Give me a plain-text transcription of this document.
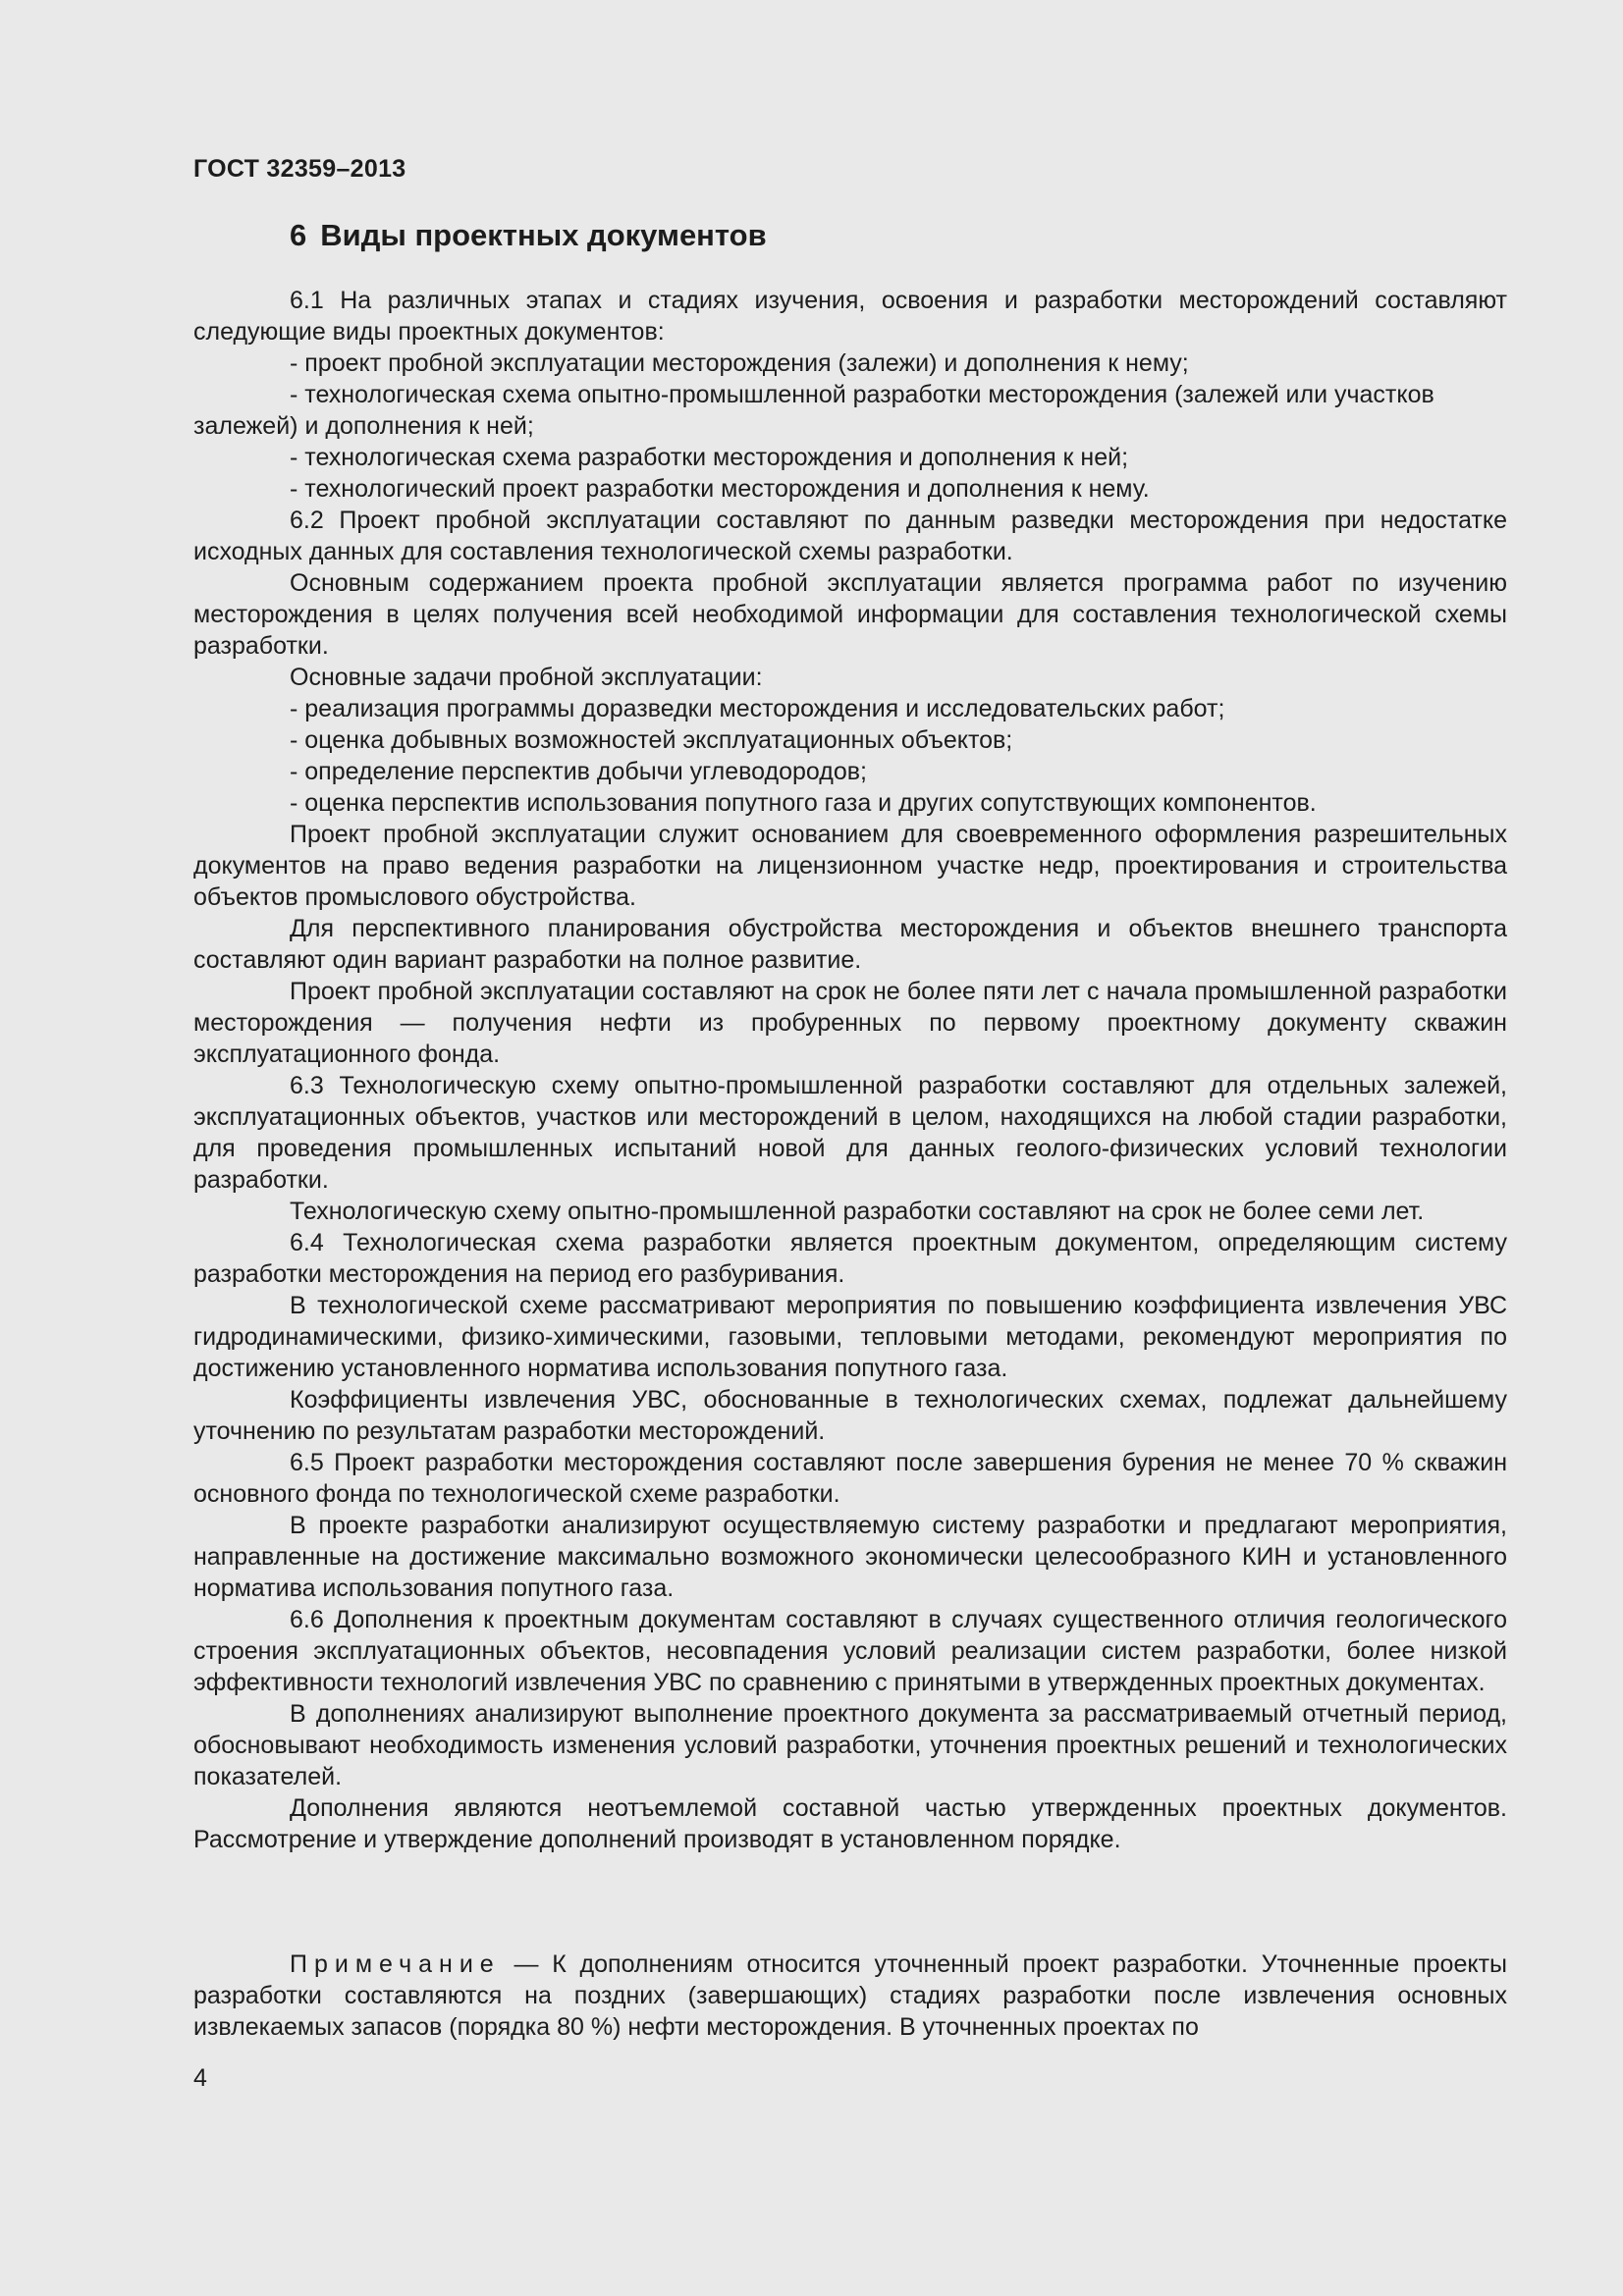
ГОСТ 32359–2013
6 Виды проектных документов

6.1 На различных этапах и стадиях изучения, освоения и разработки месторождений составляют следующие виды проектных документов:

- проект пробной эксплуатации месторождения (залежи) и дополнения к нему;

- технологическая схема опытно-промышленной разработки месторождения (залежей или участков залежей) и дополнения к ней;

- технологическая схема разработки месторождения и дополнения к ней;

- технологический проект разработки месторождения и дополнения к нему.

6.2 Проект пробной эксплуатации составляют по данным разведки месторождения при недостатке исходных данных для составления технологической схемы разработки.

Основным содержанием проекта пробной эксплуатации является программа работ по изучению месторождения в целях получения всей необходимой информации для составления технологической схемы разработки.

Основные задачи пробной эксплуатации:

- реализация программы доразведки месторождения и исследовательских работ;

- оценка добывных возможностей эксплуатационных объектов;

- определение перспектив добычи углеводородов;

- оценка перспектив использования попутного газа и других сопутствующих компонентов.

Проект пробной эксплуатации служит основанием для своевременного оформления разрешительных документов на право ведения разработки на лицензионном участке недр, проектирования и строительства объектов промыслового обустройства.

Для перспективного планирования обустройства месторождения и объектов внешнего транспорта составляют один вариант разработки на полное развитие.

Проект пробной эксплуатации составляют на срок не более пяти лет с начала промышленной разработки месторождения — получения нефти из пробуренных по первому проектному документу скважин эксплуатационного фонда.

6.3 Технологическую схему опытно-промышленной разработки составляют для отдельных залежей, эксплуатационных объектов, участков или месторождений в целом, находящихся на любой стадии разработки, для проведения промышленных испытаний новой для данных геолого-физических условий технологии разработки.

Технологическую схему опытно-промышленной разработки составляют на срок не более семи лет.

6.4 Технологическая схема разработки является проектным документом, определяющим систему разработки месторождения на период его разбуривания.

В технологической схеме рассматривают мероприятия по повышению коэффициента извлечения УВС гидродинамическими, физико-химическими, газовыми, тепловыми методами, рекомендуют мероприятия по достижению установленного норматива использования попутного газа.

Коэффициенты извлечения УВС, обоснованные в технологических схемах, подлежат дальнейшему уточнению по результатам разработки месторождений.

6.5 Проект разработки месторождения составляют после завершения бурения не менее 70 % скважин основного фонда по технологической схеме разработки.

В проекте разработки анализируют осуществляемую систему разработки и предлагают мероприятия, направленные на достижение максимально возможного экономически целесообразного КИН и установленного норматива использования попутного газа.

6.6 Дополнения к проектным документам составляют в случаях существенного отличия геологического строения эксплуатационных объектов, несовпадения условий реализации систем разработки, более низкой эффективности технологий извлечения УВС по сравнению с принятыми в утвержденных проектных документах.

В дополнениях анализируют выполнение проектного документа за рассматриваемый отчетный период, обосновывают необходимость изменения условий разработки, уточнения проектных решений и технологических показателей.

Дополнения являются неотъемлемой составной частью утвержденных проектных документов. Рассмотрение и утверждение дополнений производят в установленном порядке.

Примечание — К дополнениям относится уточненный проект разработки. Уточненные проекты разработки составляются на поздних (завершающих) стадиях разработки после извлечения основных извлекаемых запасов (порядка 80 %) нефти месторождения. В уточненных проектах по

4
